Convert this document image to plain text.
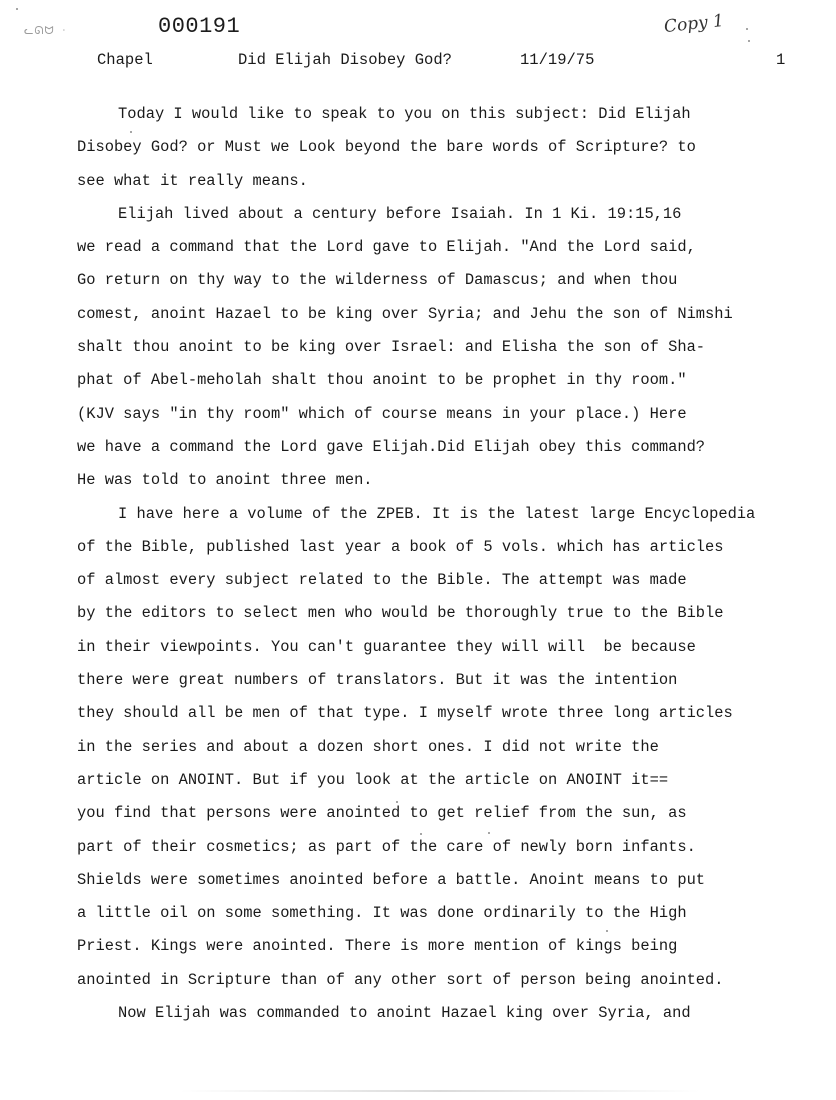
ᓚᘏᗢ ᐧ	000191	Copy 1
Chapel	Did Elijah Disobey God?	11/19/75	1
Today I would like to speak to you on this subject: Did Elijah
Disobey God? or Must we Look beyond the bare words of Scripture? to
see what it really means.
Elijah lived about a century before Isaiah. In 1 Ki. 19:15,16
we read a command that the Lord gave to Elijah. "And the Lord said,
Go return on thy way to the wilderness of Damascus; and when thou
comest, anoint Hazael to be king over Syria; and Jehu the son of Nimshi
shalt thou anoint to be king over Israel: and Elisha the son of Sha-
phat of Abel-meholah shalt thou anoint to be prophet in thy room."
(KJV says "in thy room" which of course means in your place.) Here
we have a command the Lord gave Elijah.Did Elijah obey this command?
He was told to anoint three men.
I have here a volume of the ZPEB. It is the latest large Encyclopedia
of the Bible, published last year a book of 5 vols. which has articles
of almost every subject related to the Bible. The attempt was made
by the editors to select men who would be thoroughly true to the Bible
in their viewpoints. You can't guarantee they will will  be because
there were great numbers of translators. But it was the intention
they should all be men of that type. I myself wrote three long articles
in the series and about a dozen short ones. I did not write the
article on ANOINT. But if you look at the article on ANOINT it==
you find that persons were anointed to get relief from the sun, as
part of their cosmetics; as part of the care of newly born infants.
Shields were sometimes anointed before a battle. Anoint means to put
a little oil on some something. It was done ordinarily to the High
Priest. Kings were anointed. There is more mention of kings being
anointed in Scripture than of any other sort of person being anointed.
Now Elijah was commanded to anoint Hazael king over Syria, and
